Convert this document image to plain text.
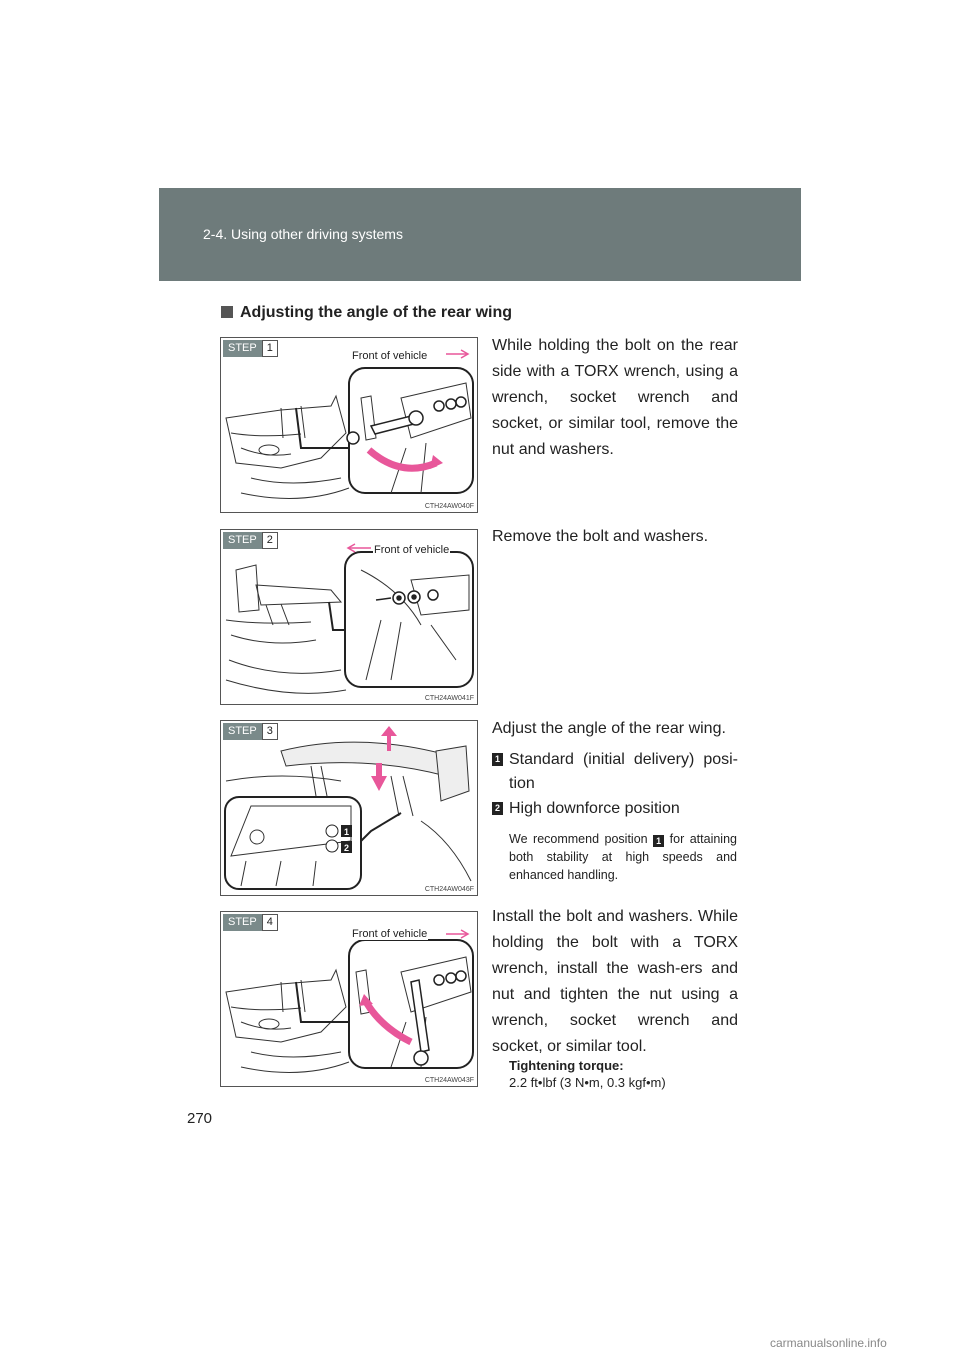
2-4. Using other driving systems
Adjusting the angle of the rear wing
STEP 1
Front of vehicle
CTH24AW040F
While holding the bolt on the rear side with a TORX wrench, using a wrench, socket wrench and socket, or similar tool, remove the nut and washers.
STEP 2
Front of vehicle
CTH24AW041F
Remove the bolt and washers.
1
2
STEP 3
CTH24AW046F
Adjust the angle of the rear wing.
1 Standard (initial delivery) posi-tion
2 High downforce position
We recommend position 1 for attaining both stability at high speeds and enhanced handling.
STEP 4
Front of vehicle
CTH24AW043F
Install the bolt and washers. While holding the bolt with a TORX wrench, install the wash-ers and nut and tighten the nut using a wrench, socket wrench and socket, or similar tool.
Tightening torque:
2.2 ft•lbf (3 N•m, 0.3 kgf•m)
270
carmanualsonline.info
